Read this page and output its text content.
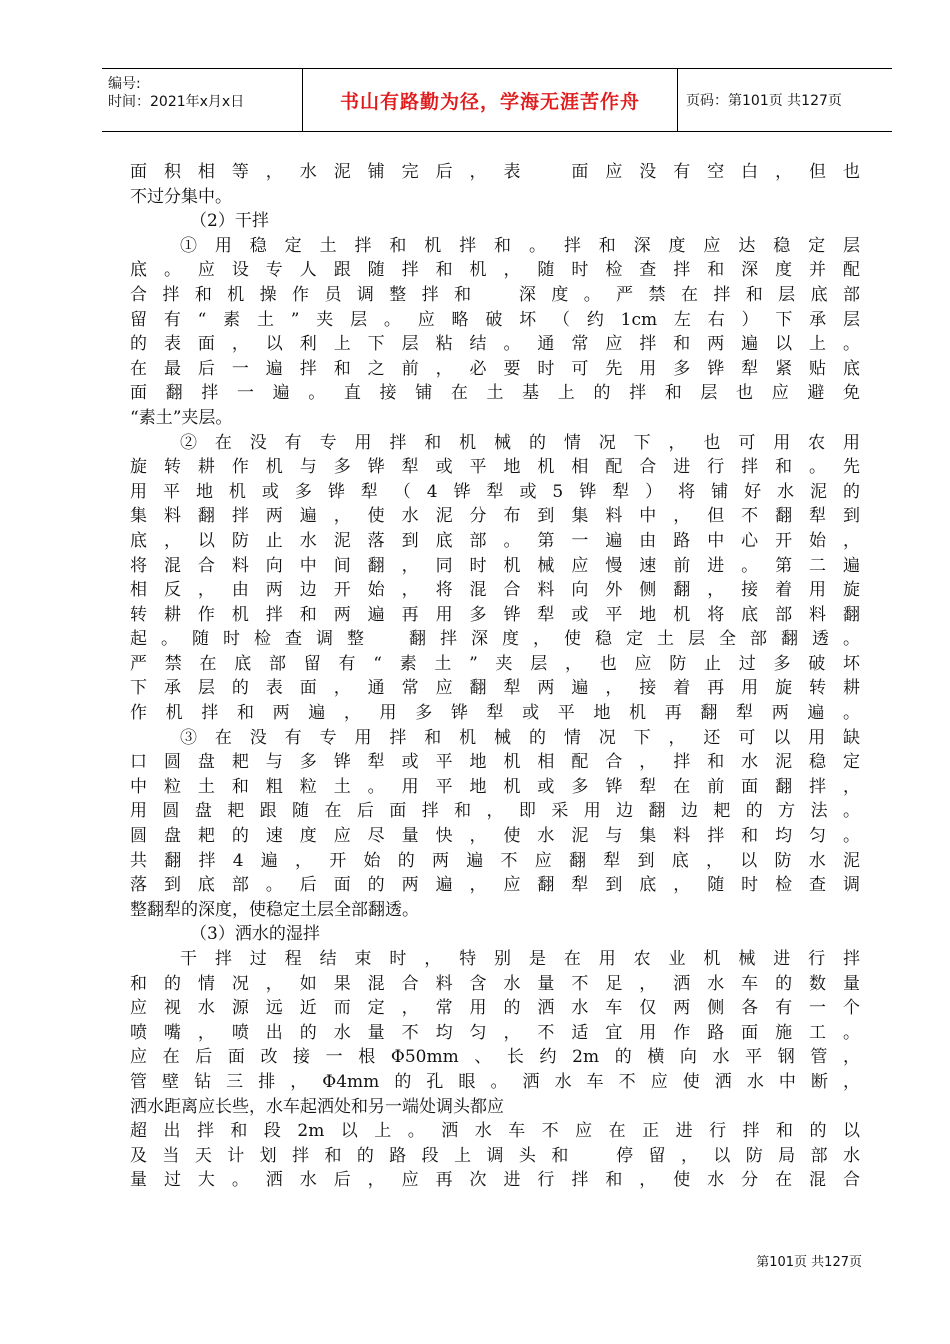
编号:
时间：2021年x月x日	书山有路勤为径，学海无涯苦作舟	页码：第101页 共127页
面积相等，水泥铺完后，表　面应没有空白，但也
不过分集中。
（2）干拌
①用稳定土拌和机拌和。拌和深度应达稳定层
底。应设专人跟随拌和机，随时检查拌和深度并配
合拌和机操作员调整拌和　深度。严禁在拌和层底部
留有“素土”夹层。应略破坏（约1cm左右）下承层
的表面，以利上下层粘结。通常应拌和两遍以上。
在最后一遍拌和之前，必要时可先用多铧犁紧贴底
面翻拌一遍。直接铺在土基上的拌和层也应避免
“素土”夹层。
②在没有专用拌和机械的情况下，也可用农用
旋转耕作机与多铧犁或平地机相配合进行拌和。先
用平地机或多铧犁（4铧犁或5铧犁）将铺好水泥的
集料翻拌两遍，使水泥分布到集料中，但不翻犁到
底，以防止水泥落到底部。第一遍由路中心开始，
将混合料向中间翻，同时机械应慢速前进。第二遍
相反，由两边开始，将混合料向外侧翻，接着用旋
转耕作机拌和两遍再用多铧犁或平地机将底部料翻
起。随时检查调整　翻拌深度，使稳定土层全部翻透。
严禁在底部留有“素土”夹层，也应防止过多破坏
下承层的表面，通常应翻犁两遍，接着再用旋转耕
作机拌和两遍，用多铧犁或平地机再翻犁两遍。
③在没有专用拌和机械的情况下，还可以用缺
口圆盘耙与多铧犁或平地机相配合，拌和水泥稳定
中粒土和粗粒土。用平地机或多铧犁在前面翻拌，
用圆盘耙跟随在后面拌和，即采用边翻边耙的方法。
圆盘耙的速度应尽量快，使水泥与集料拌和均匀。
共翻拌4遍，开始的两遍不应翻犁到底，以防水泥
落到底部。后面的两遍，应翻犁到底，随时检查调
整翻犁的深度，使稳定土层全部翻透。
（3）洒水的湿拌
干拌过程结束时，特别是在用农业机械进行拌
和的情况，如果混合料含水量不足，洒水车的数量
应视水源远近而定，常用的洒水车仅两侧各有一个
喷嘴，喷出的水量不均匀，不适宜用作路面施工。
应在后面改接一根Φ50mm、长约2m的横向水平钢管，
管壁钻三排，Φ4mm的孔眼。洒水车不应使洒水中断，
洒水距离应长些，水车起洒处和另一端处调头都应
超出拌和段2m以上。洒水车不应在正进行拌和的以
及当天计划拌和的路段上调头和　停留，以防局部水
量过大。洒水后，应再次进行拌和，使水分在混合
第101页 共127页
